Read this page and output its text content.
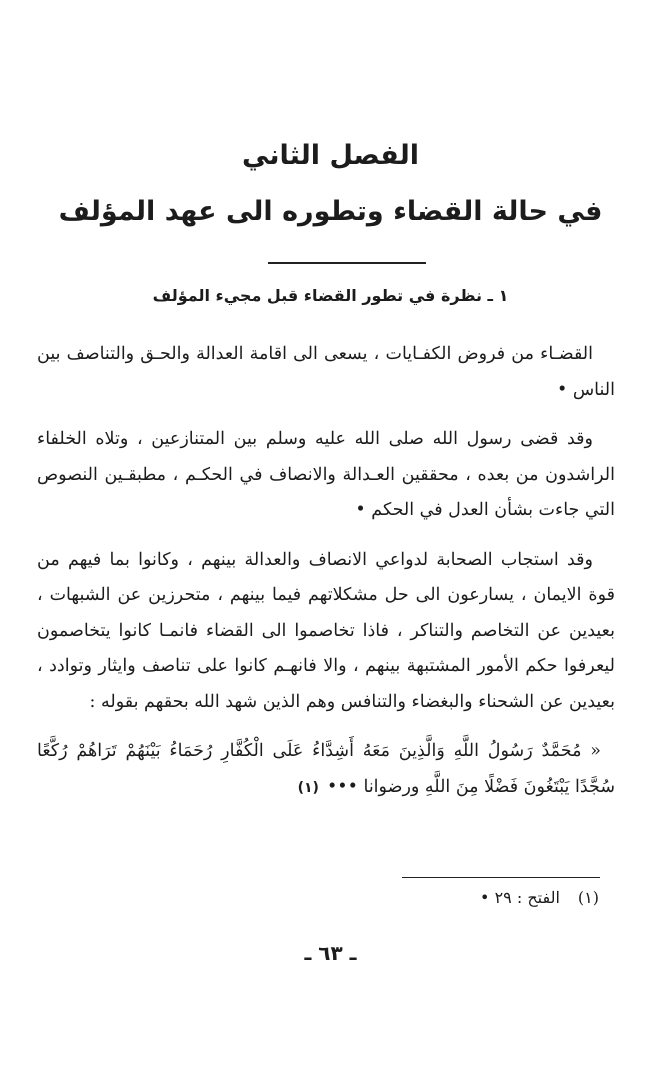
الفصل الثاني
في حالة القضاء وتطوره الى عهد المؤلف
١ ـ نظرة في تطور القضاء قبل مجيء المؤلف

القضـاء من فروض الكفـايات ، يسعى الى اقامة العدالة والحـق والتناصف بين الناس •

وقد قضى رسول الله صلى الله عليه وسلم بين المتنازعين ، وتلاه الخلفاء الراشدون من بعده ، محققين العـدالة والانصاف في الحكـم ، مطبقـين النصوص التي جاءت بشأن العدل في الحكم •

وقد استجاب الصحابة لدواعي الانصاف والعدالة بينهم ، وكانوا بما فيهم من قوة الايمان ، يسارعون الى حل مشكلاتهم فيما بينهم ، متحرزين عن الشبهات ، بعيدين عن التخاصم والتناكر ، فاذا تخاصموا الى القضاء فانمـا كانوا يتخاصمون ليعرفوا حكم الأمور المشتبهة بينهم ، والا فانهـم كانوا على تناصف وايثار وتوادد ، بعيدين عن الشحناء والبغضاء والتنافس وهم الذين شهد الله بحقهم بقوله :

« مُحَمَّدٌ رَسُولُ اللَّهِ وَالَّذِينَ مَعَهُ أَشِدَّاءُ عَلَى الْكُفَّارِ رُحَمَاءُ بَيْنَهُمْ تَرَاهُمْ رُكَّعًا سُجَّدًا يَبْتَغُونَ فَضْلًا مِنَ اللَّهِ ورضوانا •••(١)

(١)الفتح : ٢٩ •
ـ ٦٣ ـ
